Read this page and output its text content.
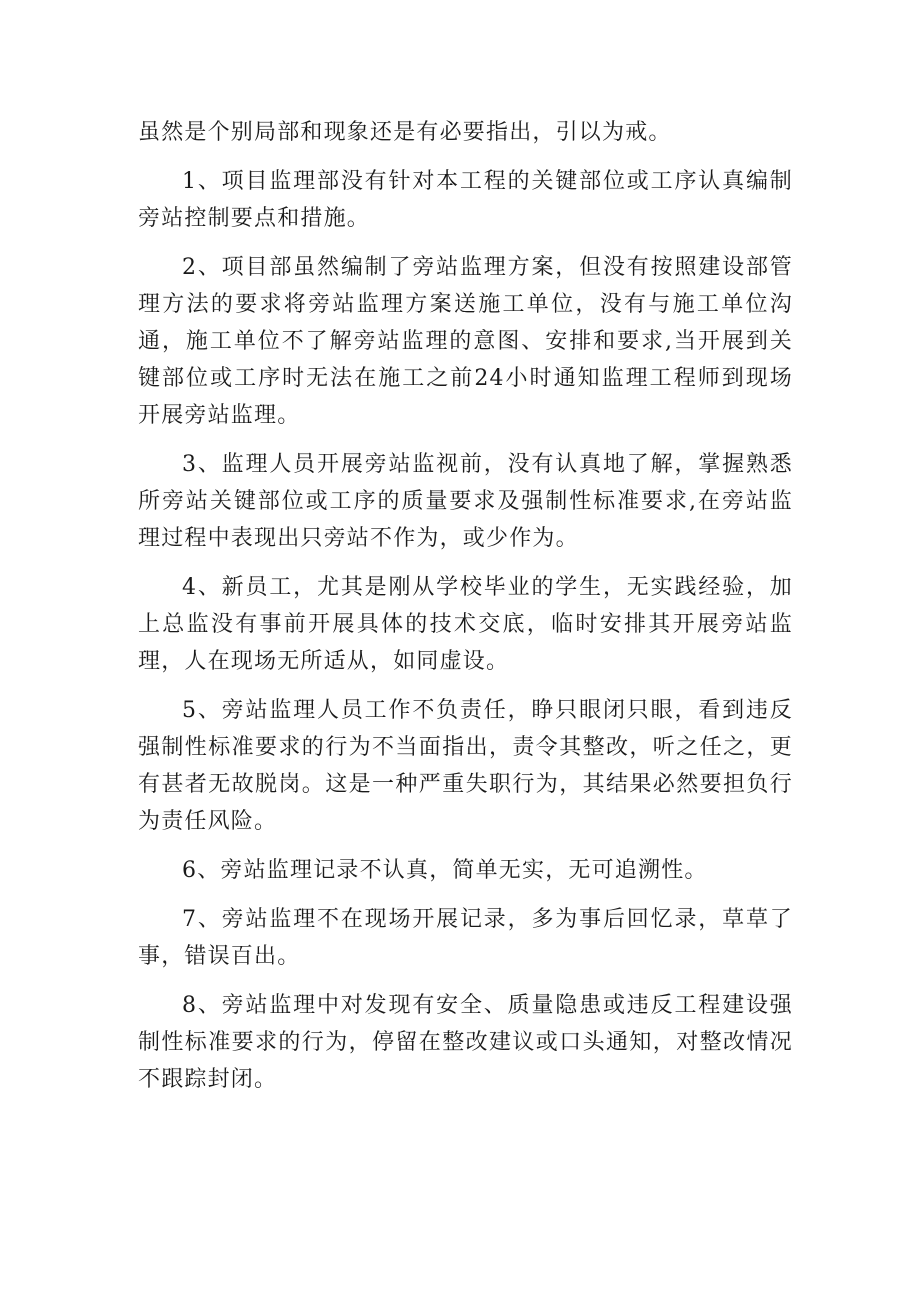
虽然是个别局部和现象还是有必要指出，引以为戒。

1、项目监理部没有针对本工程的关键部位或工序认真编制旁站控制要点和措施。

2、项目部虽然编制了旁站监理方案，但没有按照建设部管理方法的要求将旁站监理方案送施工单位，没有与施工单位沟通，施工单位不了解旁站监理的意图、安排和要求,当开展到关键部位或工序时无法在施工之前24小时通知监理工程师到现场开展旁站监理。

3、监理人员开展旁站监视前，没有认真地了解，掌握熟悉所旁站关键部位或工序的质量要求及强制性标准要求,在旁站监理过程中表现出只旁站不作为，或少作为。

4、新员工，尤其是刚从学校毕业的学生，无实践经验，加上总监没有事前开展具体的技术交底，临时安排其开展旁站监理，人在现场无所适从，如同虚设。

5、旁站监理人员工作不负责任，睁只眼闭只眼，看到违反强制性标准要求的行为不当面指出，责令其整改，听之任之，更有甚者无故脱岗。这是一种严重失职行为，其结果必然要担负行为责任风险。

6、旁站监理记录不认真，简单无实，无可追溯性。

7、旁站监理不在现场开展记录，多为事后回忆录，草草了事，错误百出。

8、旁站监理中对发现有安全、质量隐患或违反工程建设强制性标准要求的行为，停留在整改建议或口头通知，对整改情况不跟踪封闭。
